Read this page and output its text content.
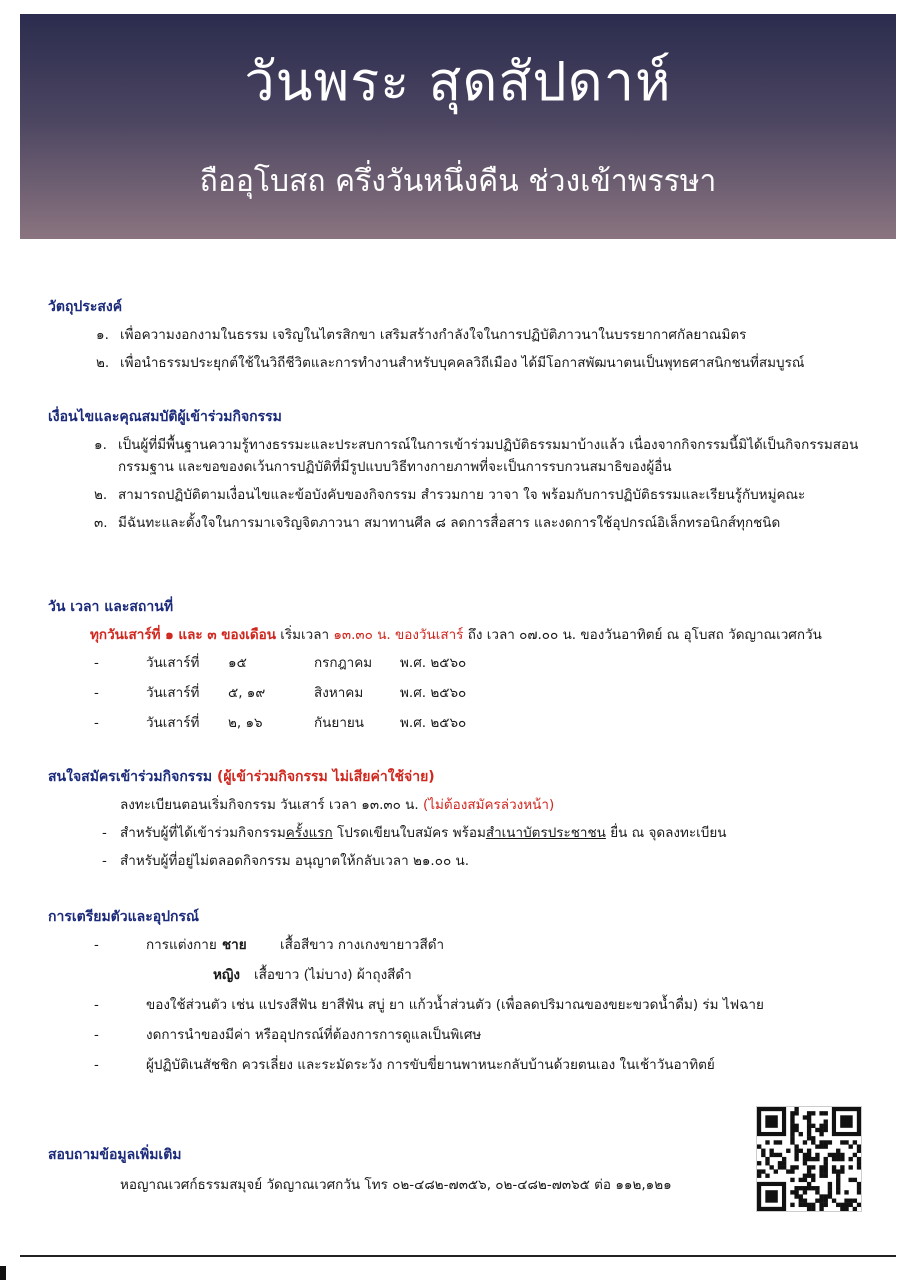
วันพระ สุดสัปดาห์
ถืออุโบสถ ครึ่งวันหนึ่งคืน ช่วงเข้าพรรษา

วัตถุประสงค์

๑. เพื่อความงอกงามในธรรม เจริญในไตรสิกขา เสริมสร้างกำลังใจในการปฏิบัติภาวนาในบรรยากาศกัลยาณมิตร

๒. เพื่อนำธรรมประยุกต์ใช้ในวิถีชีวิตและการทำงานสำหรับบุคคลวิถีเมือง ได้มีโอกาสพัฒนาตนเป็นพุทธศาสนิกชนที่สมบูรณ์

เงื่อนไขและคุณสมบัติผู้เข้าร่วมกิจกรรม

๑. เป็นผู้ที่มีพื้นฐานความรู้ทางธรรมะและประสบการณ์ในการเข้าร่วมปฏิบัติธรรมมาบ้างแล้ว เนื่องจากกิจกรรมนี้มิได้เป็นกิจกรรมสอนกรรมฐาน และขอของดเว้นการปฏิบัติที่มีรูปแบบวิธีทางกายภาพที่จะเป็นการรบกวนสมาธิของผู้อื่น

๒. สามารถปฏิบัติตามเงื่อนไขและข้อบังคับของกิจกรรม สำรวมกาย วาจา ใจ พร้อมกับการปฏิบัติธรรมและเรียนรู้กับหมู่คณะ

๓. มีฉันทะและตั้งใจในการมาเจริญจิตภาวนา สมาทานศีล ๘ ลดการสื่อสาร และงดการใช้อุปกรณ์อิเล็กทรอนิกส์ทุกชนิด

วัน เวลา และสถานที่

ทุกวันเสาร์ที่ ๑ และ ๓ ของเดือน เริ่มเวลา ๑๓.๓๐ น. ของวันเสาร์ ถึง เวลา ๐๗.๐๐ น. ของวันอาทิตย์ ณ อุโบสถ วัดญาณเวศกวัน

-	วันเสาร์ที่	๑๕	กรกฎาคม	พ.ศ. ๒๕๖๐
-	วันเสาร์ที่	๕, ๑๙	สิงหาคม	พ.ศ. ๒๕๖๐
-	วันเสาร์ที่	๒, ๑๖	กันยายน	พ.ศ. ๒๕๖๐

สนใจสมัครเข้าร่วมกิจกรรม (ผู้เข้าร่วมกิจกรรม ไม่เสียค่าใช้จ่าย)

ลงทะเบียนตอนเริ่มกิจกรรม วันเสาร์ เวลา ๑๓.๓๐ น. (ไม่ต้องสมัครล่วงหน้า)

- สำหรับผู้ที่ได้เข้าร่วมกิจกรรมครั้งแรก โปรดเขียนใบสมัคร พร้อมสำเนาบัตรประชาชน ยื่น ณ จุดลงทะเบียน

- สำหรับผู้ที่อยู่ไม่ตลอดกิจกรรม อนุญาตให้กลับเวลา ๒๑.๐๐ น.

การเตรียมตัวและอุปกรณ์

-	การแต่งกาย ชาย	เสื้อสีขาว กางเกงขายาวสีดำ
หญิง	เสื้อขาว (ไม่บาง) ผ้าถุงสีดำ
-	ของใช้ส่วนตัว เช่น แปรงสีฟัน ยาสีฟัน สบู่ ยา แก้วน้ำส่วนตัว (เพื่อลดปริมาณของขยะขวดน้ำดื่ม) ร่ม ไฟฉาย
-	งดการนำของมีค่า หรืออุปกรณ์ที่ต้องการการดูแลเป็นพิเศษ
-	ผู้ปฏิบัติเนสัชชิก ควรเลี่ยง และระมัดระวัง การขับขี่ยานพาหนะกลับบ้านด้วยตนเอง ในเช้าวันอาทิตย์

สอบถามข้อมูลเพิ่มเติม

หอญาณเวศก์ธรรมสมุจย์ วัดญาณเวศกวัน โทร ๐๒-๔๘๒-๗๓๕๖, ๐๒-๔๘๒-๗๓๖๕ ต่อ ๑๑๒,๑๒๑
